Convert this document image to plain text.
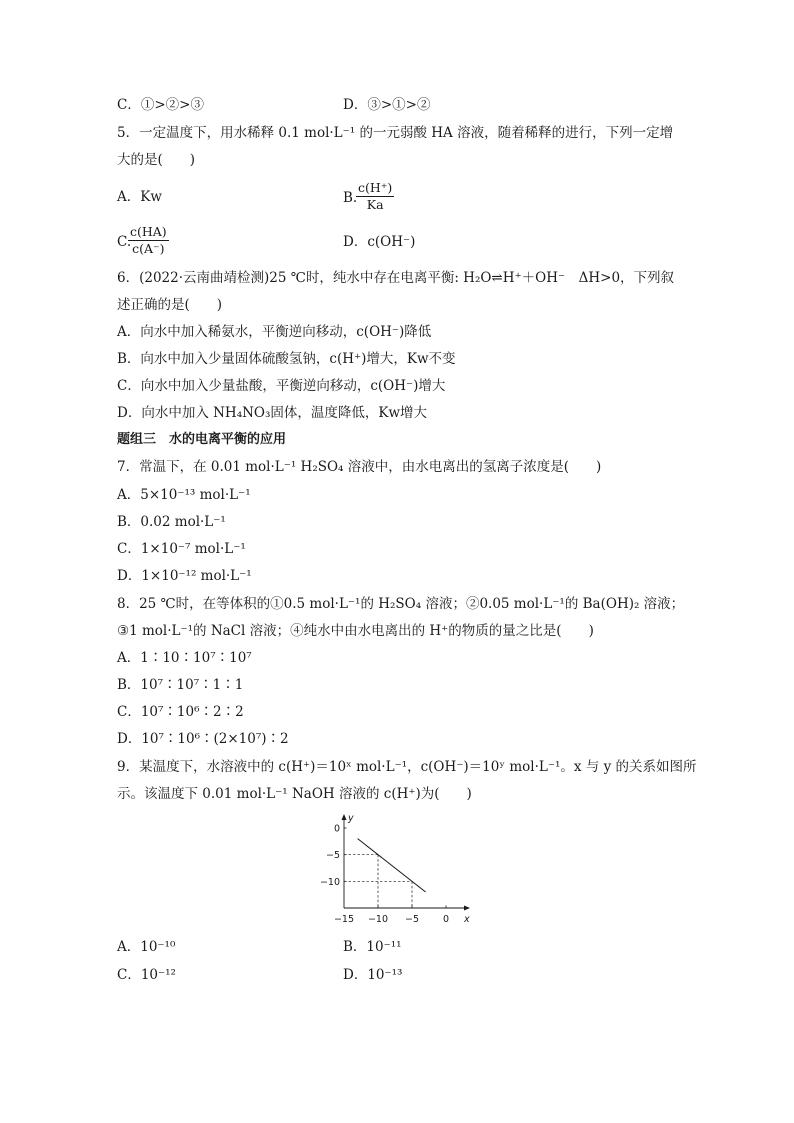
C．①>②>③	D．③>①>②
5．一定温度下，用水稀释 0.1 mol·L⁻¹ 的一元弱酸 HA 溶液，随着稀释的进行，下列一定增
大的是(　　)
A．Kw	B.
$\frac{c(H^+)}{Ka}$
C.
$\frac{c(HA)}{c(A^-)}$	D．c(OH⁻)
6．(2022·云南曲靖检测)25 ℃时，纯水中存在电离平衡: H₂O⇌H⁺＋OH⁻　ΔH>0，下列叙
述正确的是(　　)
A．向水中加入稀氨水，平衡逆向移动，c(OH⁻)降低
B．向水中加入少量固体硫酸氢钠，c(H⁺)增大，Kw不变
C．向水中加入少量盐酸，平衡逆向移动，c(OH⁻)增大
D．向水中加入 NH₄NO₃固体，温度降低，Kw增大
题组三　水的电离平衡的应用
7．常温下，在 0.01 mol·L⁻¹ H₂SO₄ 溶液中，由水电离出的氢离子浓度是(　　)
A．5×10⁻¹³ mol·L⁻¹
B．0.02 mol·L⁻¹
C．1×10⁻⁷ mol·L⁻¹
D．1×10⁻¹² mol·L⁻¹
8．25 ℃时，在等体积的①0.5 mol·L⁻¹的 H₂SO₄ 溶液；②0.05 mol·L⁻¹的 Ba(OH)₂ 溶液；
③1 mol·L⁻¹的 NaCl 溶液；④纯水中由水电离出的 H⁺的物质的量之比是(　　)
A．1∶10∶10⁷∶10⁷
B．10⁷∶10⁷∶1∶1
C．10⁷∶10⁶∶2∶2
D．10⁷∶10⁶∶(2×10⁷)∶2
9．某温度下，水溶液中的 c(H⁺)＝10ˣ mol·L⁻¹，c(OH⁻)＝10ʸ mol·L⁻¹。x 与 y 的关系如图所
示。该温度下 0.01 mol·L⁻¹ NaOH 溶液的 c(H⁺)为(　　)
y
x
−15 −10 −5	0
0
−5
−10
A．10⁻¹⁰	B．10⁻¹¹
C．10⁻¹²	D．10⁻¹³
